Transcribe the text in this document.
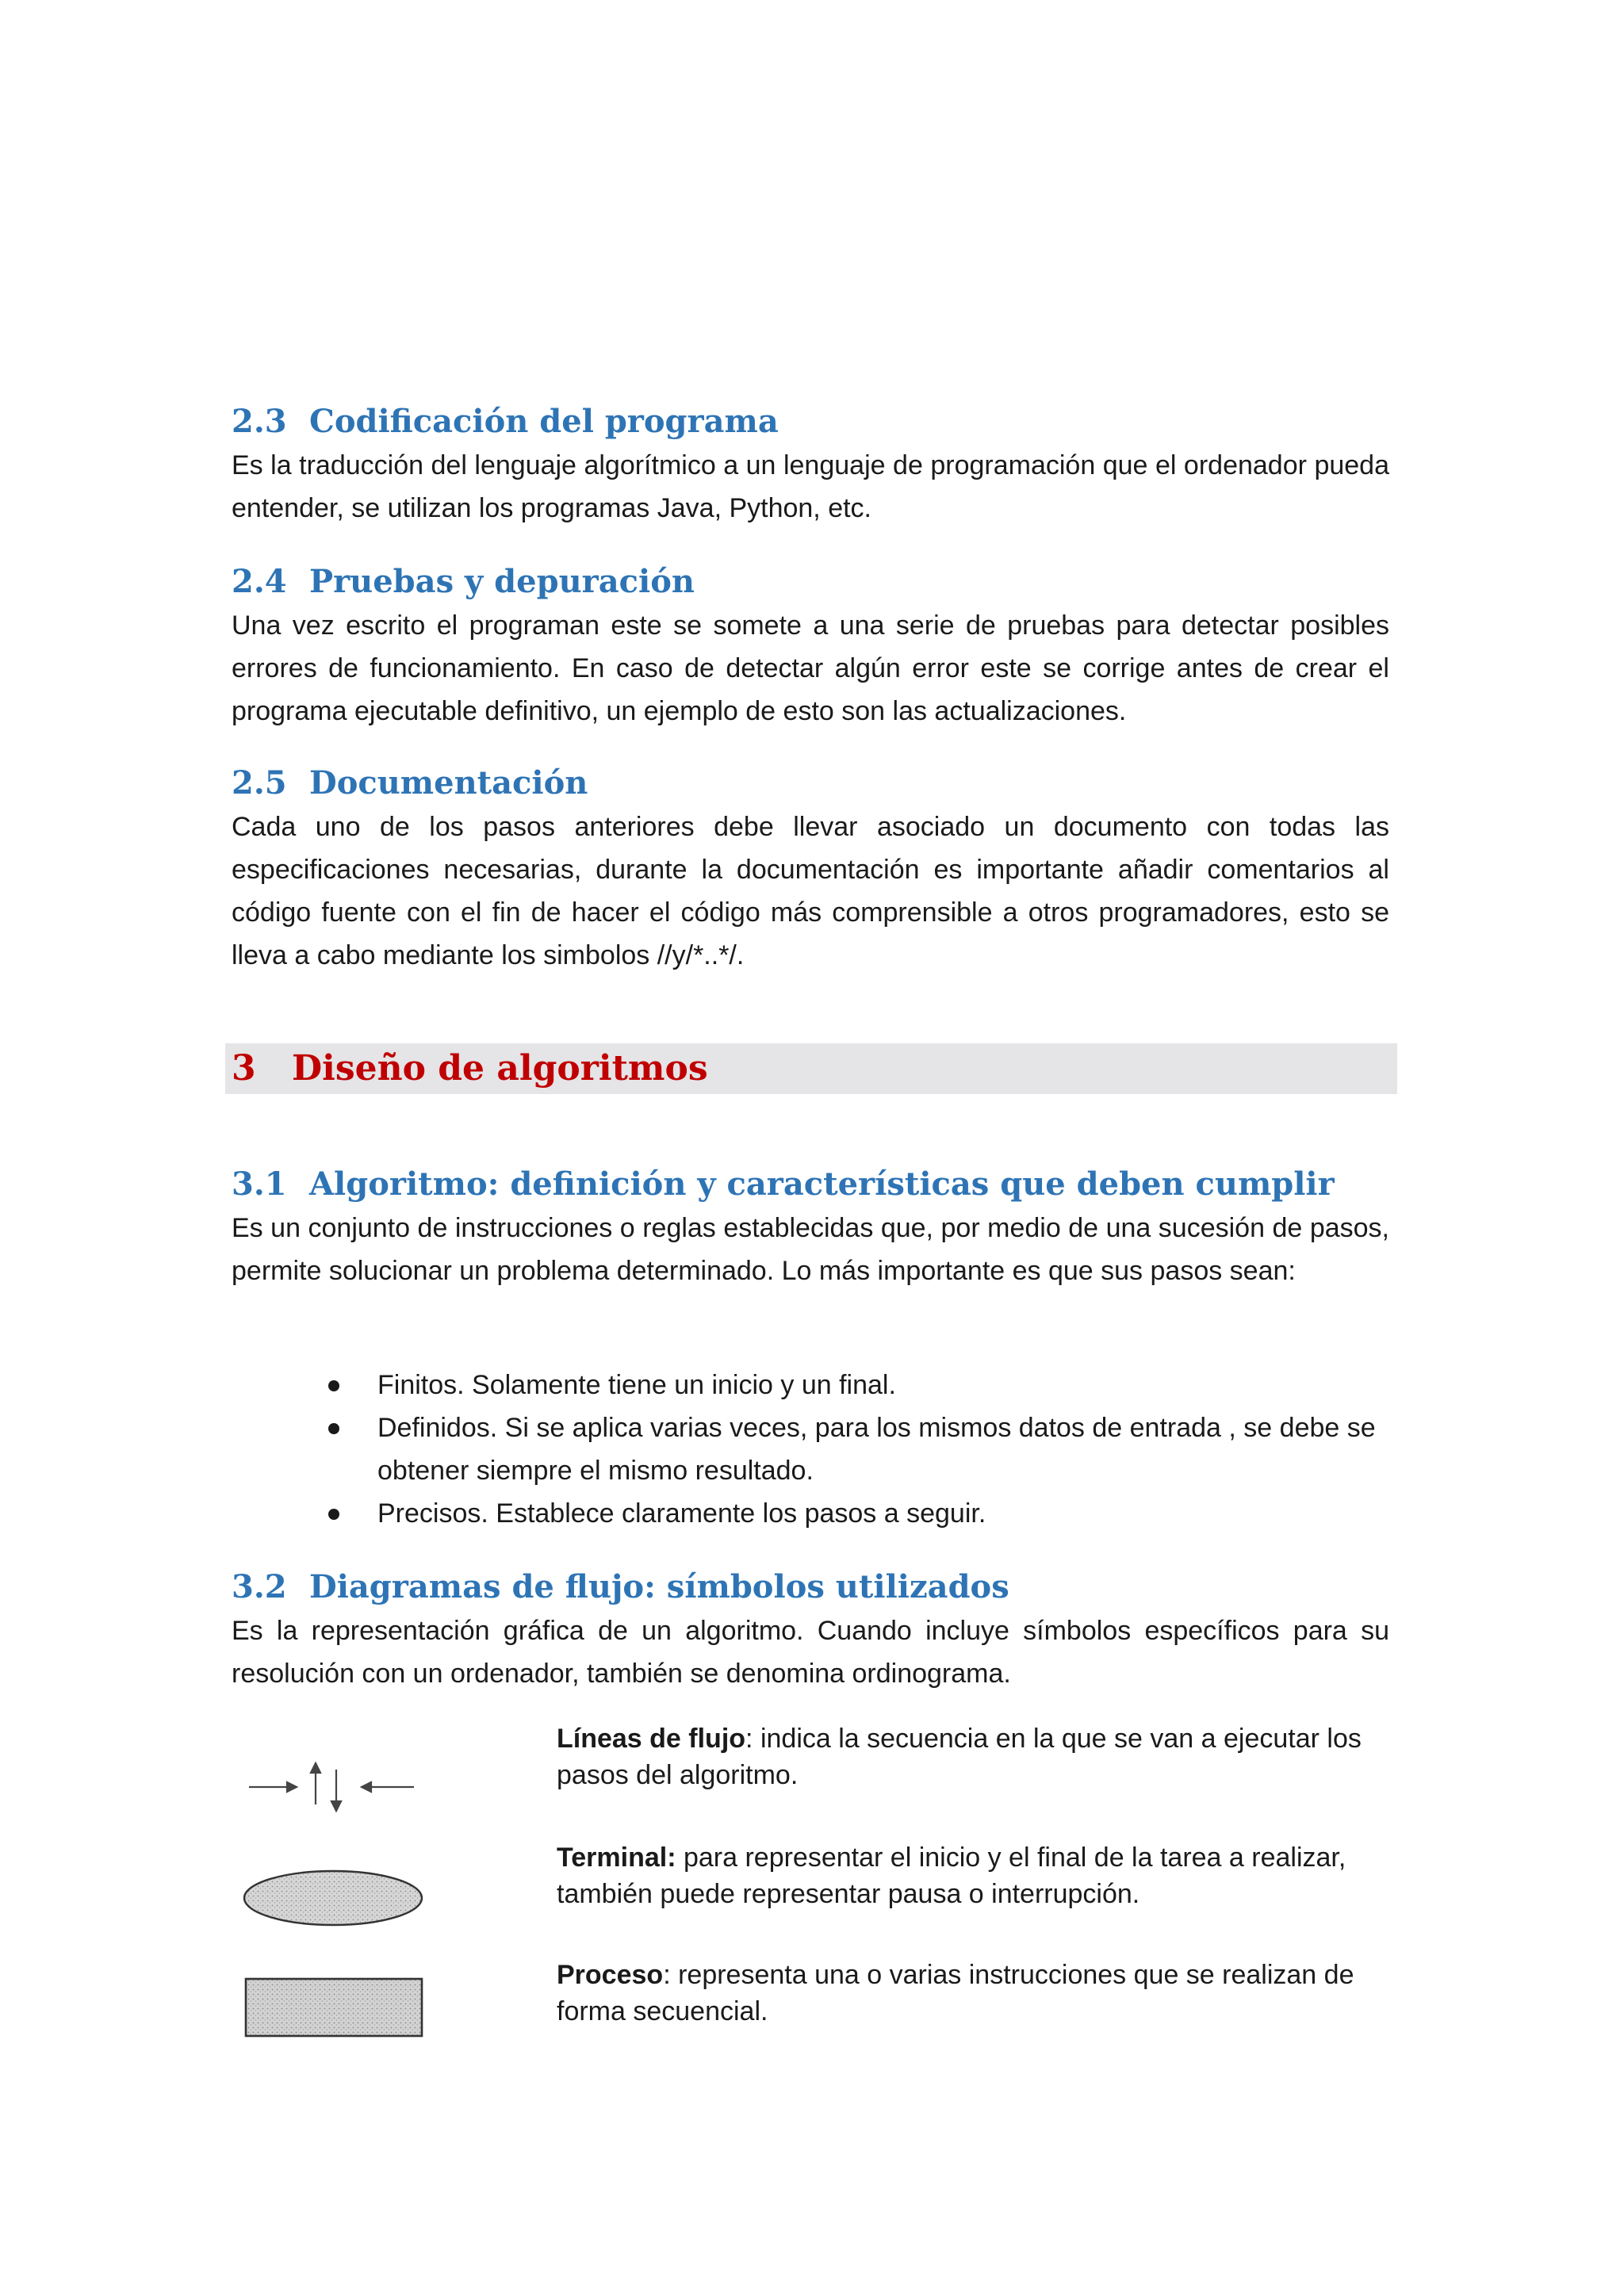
2.3 Codificación del programa

Es la traducción del lenguaje algorítmico a un lenguaje de programación que el ordenador pueda entender, se utilizan los programas Java, Python, etc.

2.4 Pruebas y depuración

Una vez escrito el programan este se somete a una serie de pruebas para detectar posibles errores de funcionamiento. En caso de detectar algún error este se corrige antes de crear el programa ejecutable definitivo, un ejemplo de esto son las actualizaciones.

2.5 Documentación

Cada uno de los pasos anteriores debe llevar asociado un documento con todas las especificaciones necesarias, durante la documentación es importante añadir comentarios al código fuente con el fin de hacer el código más comprensible a otros programadores, esto se lleva a cabo mediante los simbolos //y/*..*/.

3 Diseño de algoritmos
3.1 Algoritmo: definición y características que deben cumplir

Es un conjunto de instrucciones o reglas establecidas que, por medio de una sucesión de pasos, permite solucionar un problema determinado. Lo más importante es que sus pasos sean:

Finitos. Solamente tiene un inicio y un final.
Definidos. Si se aplica varias veces, para los mismos datos de entrada , se debe se obtener siempre el mismo resultado.
Precisos. Establece claramente los pasos a seguir.
3.2 Diagramas de flujo: símbolos utilizados

Es la representación gráfica de un algoritmo. Cuando incluye símbolos específicos para su resolución con un ordenador, también se denomina ordinograma.

Líneas de flujo: indica la secuencia en la que se van a ejecutar los pasos del algoritmo.
Terminal: para representar el inicio y el final de la tarea a realizar, también puede representar pausa o interrupción.
Proceso: representa una o varias instrucciones que se realizan de forma secuencial.
